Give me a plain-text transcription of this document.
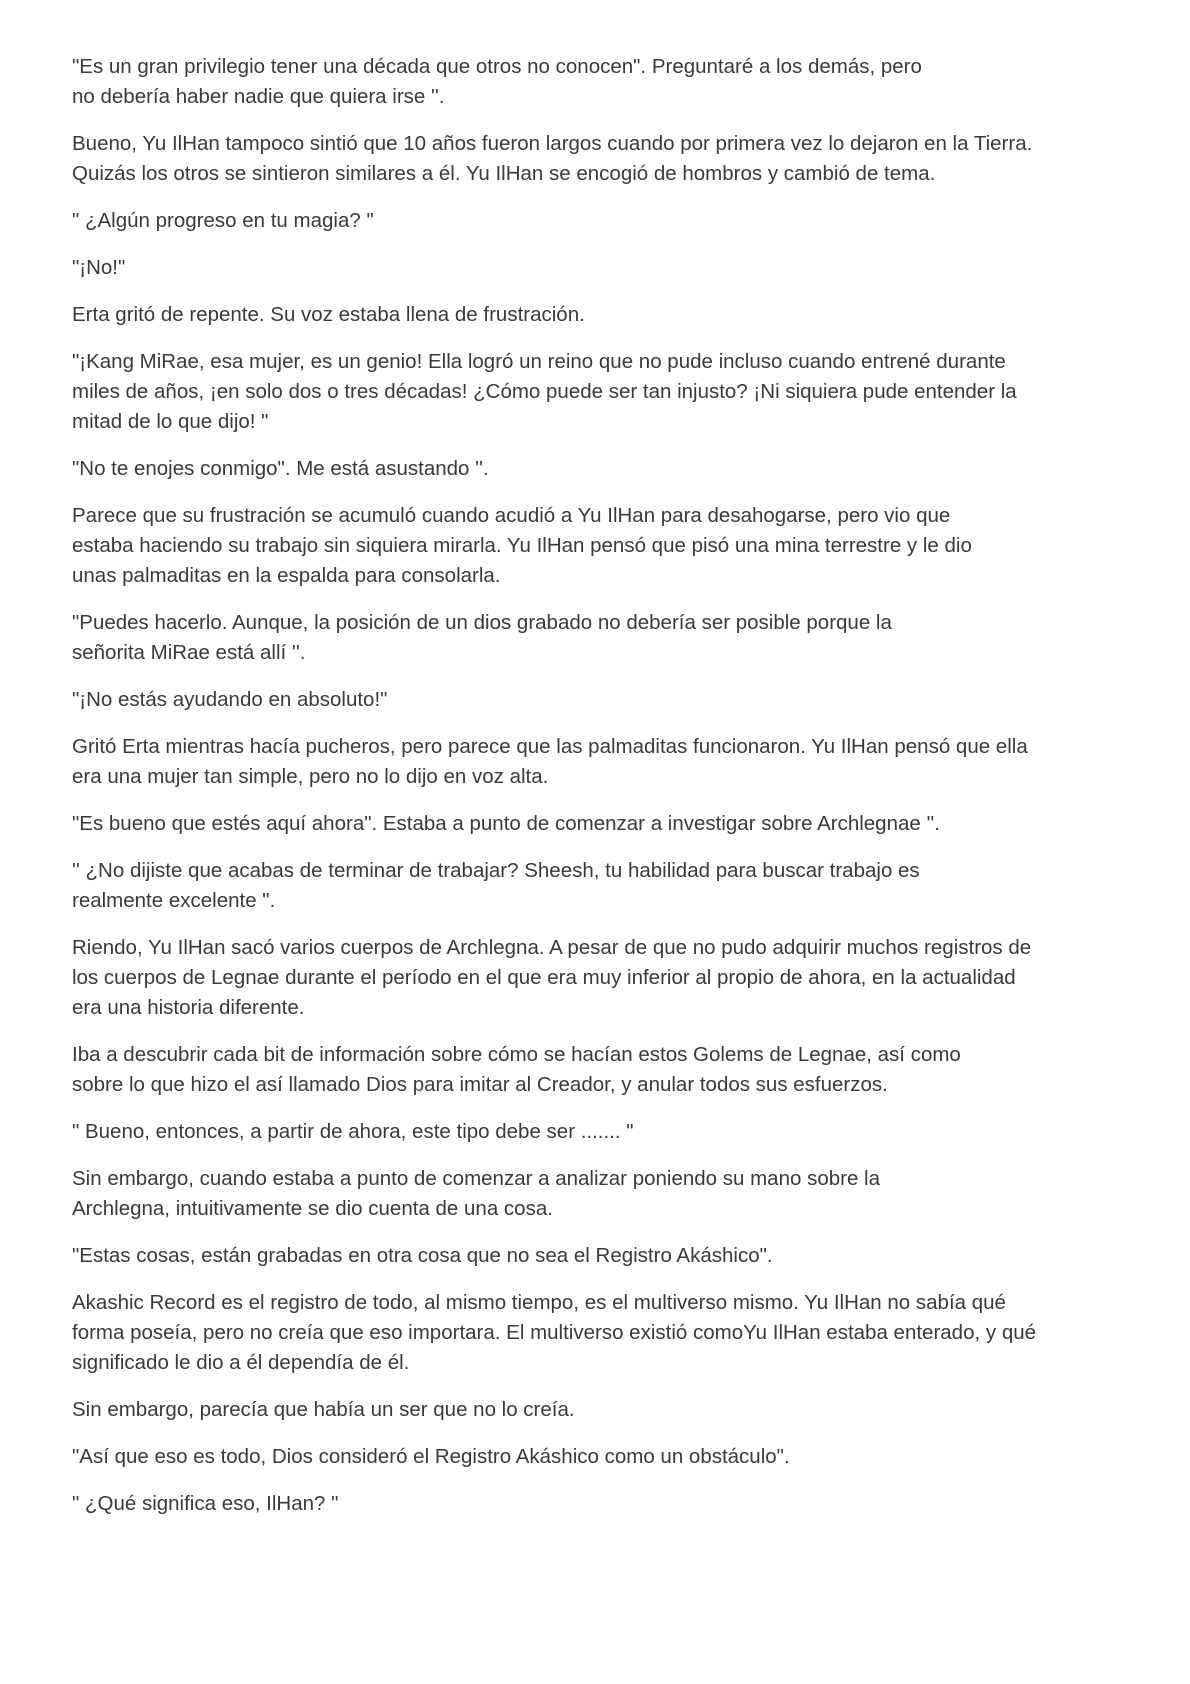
"Es un gran privilegio tener una década que otros no conocen". Preguntaré a los demás, pero
no debería haber nadie que quiera irse ''.

Bueno, Yu IlHan tampoco sintió que 10 años fueron largos cuando por primera vez lo dejaron en la Tierra.
Quizás los otros se sintieron similares a él. Yu IlHan se encogió de hombros y cambió de tema.

" ¿Algún progreso en tu magia? "

"¡No!"

Erta gritó de repente. Su voz estaba llena de frustración.

"¡Kang MiRae, esa mujer, es un genio! Ella logró un reino que no pude incluso cuando entrené durante
miles de años, ¡en solo dos o tres décadas! ¿Cómo puede ser tan injusto? ¡Ni siquiera pude entender la
mitad de lo que dijo! "

"No te enojes conmigo". Me está asustando ''.

Parece que su frustración se acumuló cuando acudió a Yu IlHan para desahogarse, pero vio que
estaba haciendo su trabajo sin siquiera mirarla. Yu IlHan pensó que pisó una mina terrestre y le dio
unas palmaditas en la espalda para consolarla.

"Puedes hacerlo. Aunque, la posición de un dios grabado no debería ser posible porque la
señorita MiRae está allí ''.

"¡No estás ayudando en absoluto!"

Gritó Erta mientras hacía pucheros, pero parece que las palmaditas funcionaron. Yu IlHan pensó que ella
era una mujer tan simple, pero no lo dijo en voz alta.

"Es bueno que estés aquí ahora". Estaba a punto de comenzar a investigar sobre Archlegnae ''.

'' ¿No dijiste que acabas de terminar de trabajar? Sheesh, tu habilidad para buscar trabajo es
realmente excelente ".

Riendo, Yu IlHan sacó varios cuerpos de Archlegna. A pesar de que no pudo adquirir muchos registros de
los cuerpos de Legnae durante el período en el que era muy inferior al propio de ahora, en la actualidad
era una historia diferente.

Iba a descubrir cada bit de información sobre cómo se hacían estos Golems de Legnae, así como
sobre lo que hizo el así llamado Dios para imitar al Creador, y anular todos sus esfuerzos.

" Bueno, entonces, a partir de ahora, este tipo debe ser ....... "

Sin embargo, cuando estaba a punto de comenzar a analizar poniendo su mano sobre la
Archlegna, intuitivamente se dio cuenta de una cosa.

"Estas cosas, están grabadas en otra cosa que no sea el Registro Akáshico".

Akashic Record es el registro de todo, al mismo tiempo, es el multiverso mismo. Yu IlHan no sabía qué
forma poseía, pero no creía que eso importara. El multiverso existió comoYu IlHan estaba enterado, y qué
significado le dio a él dependía de él.

Sin embargo, parecía que había un ser que no lo creía.

"Así que eso es todo, Dios consideró el Registro Akáshico como un obstáculo".

" ¿Qué significa eso, IlHan? "
